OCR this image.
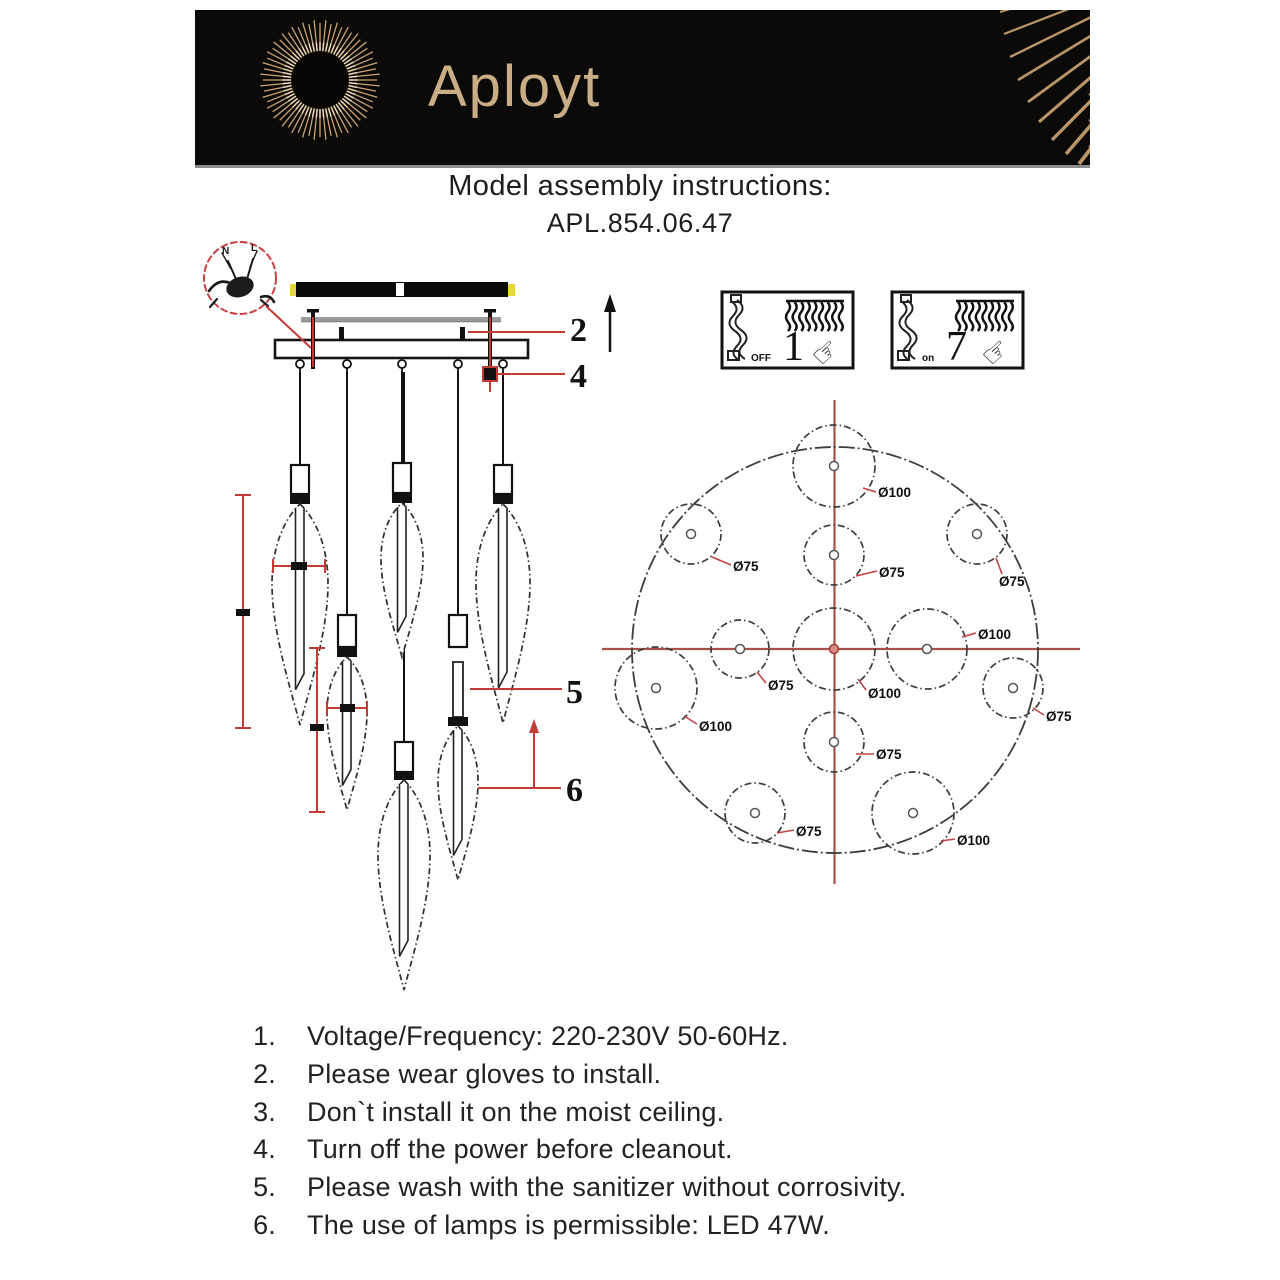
Aployt
N L
2
4
5
6
OFF 1 ☞	on 7 ☞
Ø100
Ø75	Ø75
Ø75
Ø75
Ø100
Ø100
Ø100
Ø75
Ø75
Ø75
Ø100
Model assembly instructions:
APL.854.06.47
1. Voltage/Frequency: 220-230V 50-60Hz.
2. Please wear gloves to install.
3. Don`t install it on the moist ceiling.
4. Turn off the power before cleanout.
5. Please wash with the sanitizer without corrosivity.
6. The use of lamps is permissible: LED 47W.
